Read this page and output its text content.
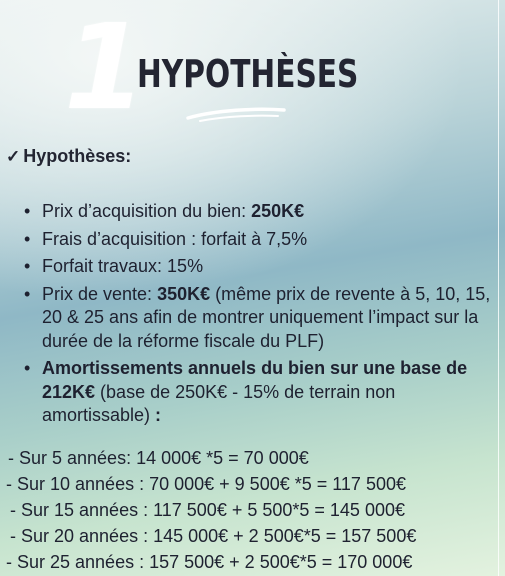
1
HYPOTHÈSES
✓ Hypothèses:
• Prix d’acquisition du bien: 250K€
• Frais d’acquisition : forfait à 7,5%
• Forfait travaux: 15%
• Prix de vente: 350K€ (même prix de revente à 5, 10, 15, 20 & 25 ans afin de montrer uniquement l’impact sur la durée de la réforme fiscale du PLF)
• Amortissements annuels du bien sur une base de 212K€ (base de 250K€ - 15% de terrain non amortissable) :
- Sur 5 années: 14 000€ *5 = 70 000€
- Sur 10 années : 70 000€ + 9 500€ *5 = 117 500€
- Sur 15 années : 117 500€ + 5 500*5 = 145 000€
- Sur 20 années : 145 000€ + 2 500€*5 = 157 500€
- Sur 25 années : 157 500€ + 2 500€*5 = 170 000€
